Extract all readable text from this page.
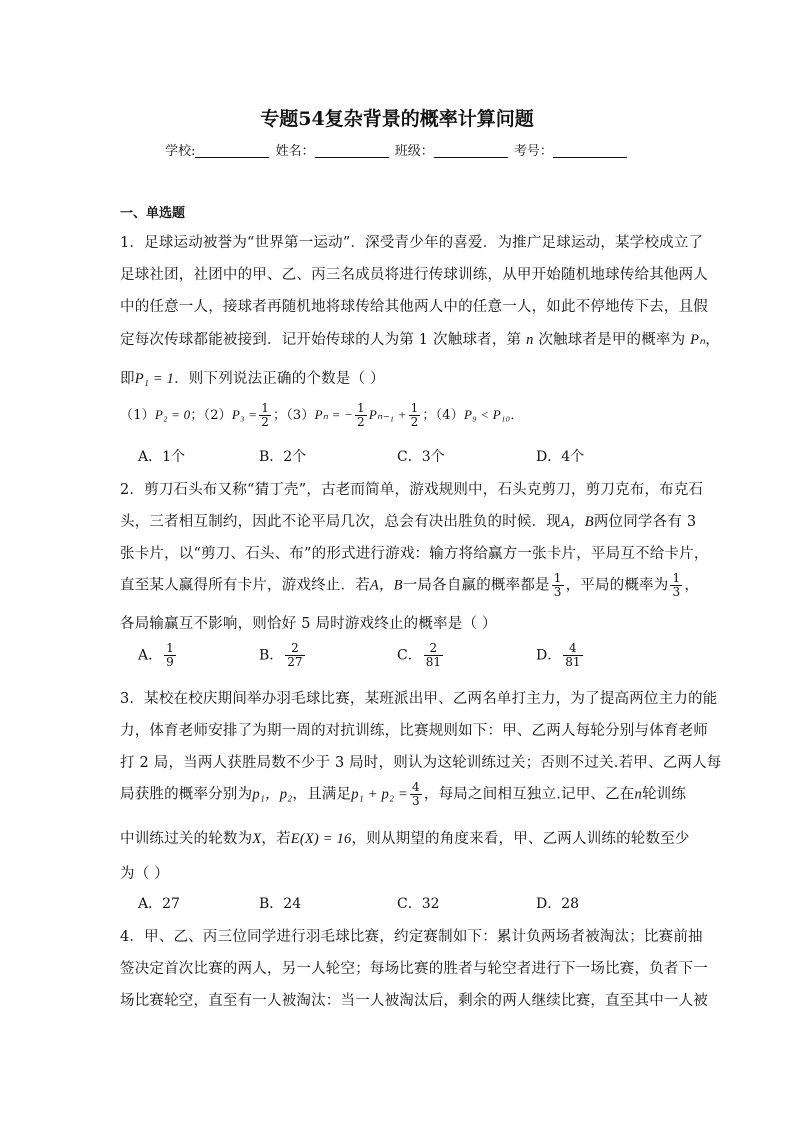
专题54复杂背景的概率计算问题
学校:	姓名：	班级：	考号：
一、单选题
1．足球运动被誉为“世界第一运动”．深受青少年的喜爱．为推广足球运动，某学校成立了
足球社团，社团中的甲、乙、丙三名成员将进行传球训练，从甲开始随机地球传给其他两人
中的任意一人，接球者再随机地将球传给其他两人中的任意一人，如此不停地传下去，且假
定每次传球都能被接到．记开始传球的人为第 1 次触球者，第 n 次触球者是甲的概率为 Pₙ，
即P₁ = 1．则下列说法正确的个数是（ ）
（1）P₂ = 0；$(2)P_3 = \frac{1}{2}$ ；（3）Pₙ = − $\frac{1}{2} P_{n-1} + \frac{1}{2}$ ；（4）P₉ < P₁₀．
A．1个	B．2个	C．3个	D．4个
2．剪刀石头布又称“猜丁壳”，古老而简单，游戏规则中，石头克剪刀，剪刀克布，布克石
头，三者相互制约，因此不论平局几次，总会有决出胜负的时候．现A，B两位同学各有 3
张卡片，以“剪刀、石头、布”的形式进行游戏：输方将给赢方一张卡片，平局互不给卡片，
直至某人赢得所有卡片，游戏终止．若A，B一局各自赢的概率都是 $\frac{1}{3}$ ，平局的概率为 $\frac{1}{3}$ ，
各局输赢互不影响，则恰好 5 局时游戏终止的概率是（ ）
A． $\frac{1}{9}$	B． $\frac{2}{27}$	C． $\frac{2}{81}$	D． $\frac{4}{81}$
3．某校在校庆期间举办羽毛球比赛，某班派出甲、乙两名单打主力，为了提高两位主力的能
力，体育老师安排了为期一周的对抗训练，比赛规则如下：甲、乙两人每轮分别与体育老师
打 2 局，当两人获胜局数不少于 3 局时，则认为这轮训练过关；否则不过关.若甲、乙两人每
局获胜的概率分别为p₁，p₂，且满足$p_1 + p_2 = \frac{4}{3}$ ，每局之间相互独立.记甲、乙在n轮训练
中训练过关的轮数为X，若E(X) = 16，则从期望的角度来看，甲、乙两人训练的轮数至少
为（ ）
A．27	B．24	C．32	D．28
4．甲、乙、丙三位同学进行羽毛球比赛，约定赛制如下：累计负两场者被淘汰；比赛前抽
签决定首次比赛的两人，另一人轮空；每场比赛的胜者与轮空者进行下一场比赛，负者下一
场比赛轮空，直至有一人被淘汰：当一人被淘汰后，剩余的两人继续比赛，直至其中一人被
